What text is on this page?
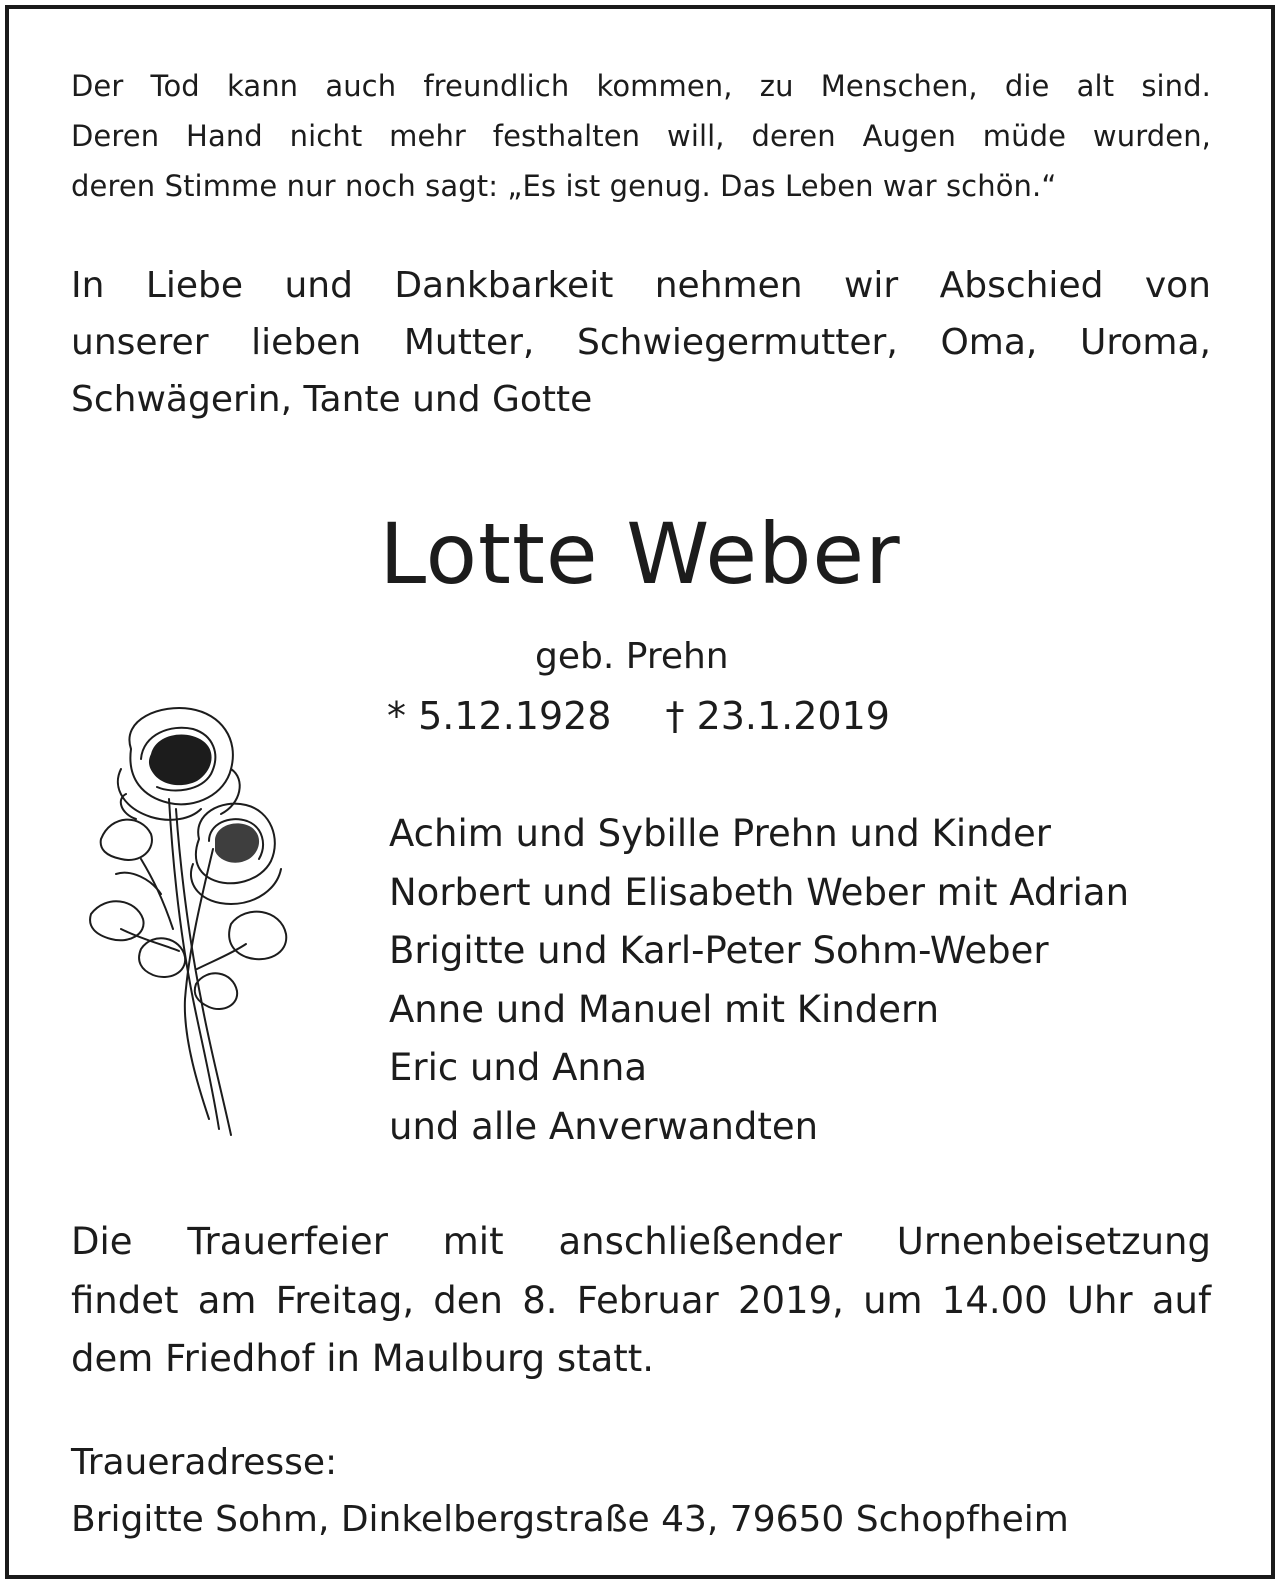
Der Tod kann auch freundlich kommen, zu Menschen, die alt sind.
Deren Hand nicht mehr festhalten will, deren Augen müde wurden,
deren Stimme nur noch sagt: „Es ist genug. Das Leben war schön.“
In Liebe und Dankbarkeit nehmen wir Abschied von
unserer lieben Mutter, Schwiegermutter, Oma, Uroma,
Schwägerin, Tante und Gotte
Lotte Weber
geb. Prehn
* 5.12.1928 † 23.1.2019
Achim und Sybille Prehn und Kinder
Norbert und Elisabeth Weber mit Adrian
Brigitte und Karl-Peter Sohm-Weber
Anne und Manuel mit Kindern
Eric und Anna
und alle Anverwandten
Die Trauerfeier mit anschließender Urnenbeisetzung
findet am Freitag, den 8. Februar 2019, um 14.00 Uhr auf
dem Friedhof in Maulburg statt.
Traueradresse:
Brigitte Sohm, Dinkelbergstraße 43, 79650 Schopfheim
